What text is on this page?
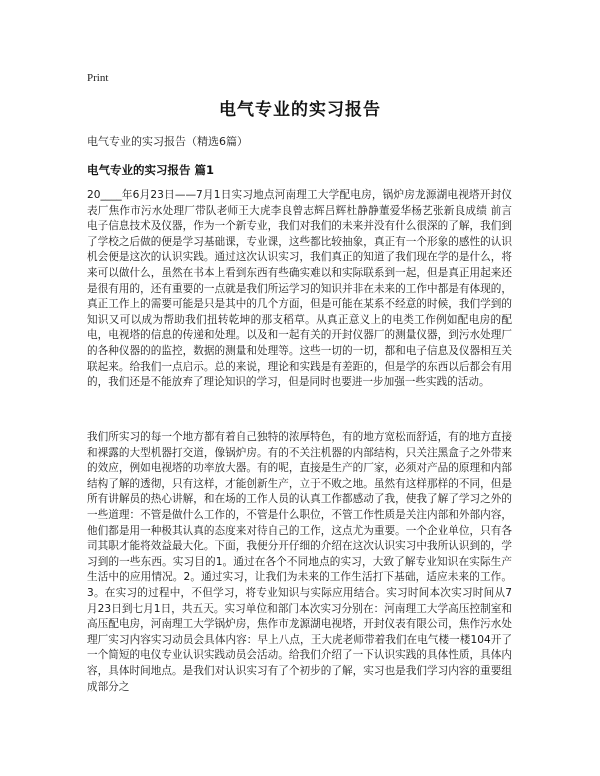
Print
电气专业的实习报告
电气专业的实习报告（精选6篇）
电气专业的实习报告 篇1
20____年6月23日——7月1日实习地点河南理工大学配电房，锅炉房龙源湖电视塔开封仪表厂焦作市污水处理厂带队老师王大虎李良曾志辉吕辉杜静静董爱华杨艺张新良成绩 前言电子信息技术及仪器，作为一个新专业，我们对我们的未来并没有什么很深的了解，我们到了学校之后做的便是学习基础课，专业课，这些都比较抽象，真正有一个形象的感性的认识机会便是这次的认识实践。通过这次认识实习，我们真正的知道了我们现在学的是什么，将来可以做什么，虽然在书本上看到东西有些确实难以和实际联系到一起，但是真正用起来还是很有用的，还有重要的一点就是我们所运学习的知识并非在未来的工作中都是有体现的，真正工作上的需要可能是只是其中的几个方面，但是可能在某系不经意的时候，我们学到的知识又可以成为帮助我们扭转乾坤的那支稻草。从真正意义上的电类工作例如配电房的配电，电视塔的信息的传递和处理。以及和一起有关的开封仪器厂的测量仪器，到污水处理厂的各种仪器的的监控，数据的测量和处理等。这些一切的一切，都和电子信息及仪器相互关联起来。给我们一点启示。总的来说，理论和实践是有差距的，但是学的东西以后都会有用的，我们还是不能放弃了理论知识的学习，但是同时也要进一步加强一些实践的活动。
我们所实习的每一个地方都有着自己独特的浓厚特色，有的地方宽松而舒适，有的地方直接和裸露的大型机器打交道，像锅炉房。有的不关注机器的内部结构，只关注黑盒子之外带来的效应，例如电视塔的功率放大器。有的呢，直接是生产的厂家，必须对产品的原理和内部结构了解的透彻，只有这样，才能创新生产，立于不败之地。虽然有这样那样的不同，但是所有讲解员的热心讲解，和在场的工作人员的认真工作都感动了我，使我了解了学习之外的一些道理：不管是做什么工作的，不管是什么职位，不管工作性质是关注内部和外部内容，他们都是用一种极其认真的态度来对待自己的工作，这点尤为重要。一个企业单位，只有各司其职才能将效益最大化。下面，我便分开仔细的介绍在这次认识实习中我所认识到的，学习到的一些东西。实习目的1。通过在各个不同地点的实习，大致了解专业知识在实际生产生活中的应用情况。2。通过实习，让我们为未来的工作生活打下基础，适应未来的工作。3。在实习的过程中，不但学习，将专业知识与实际应用结合。实习时间本次实习时间从7月23日到七月1日，共五天。实习单位和部门本次实习分别在：河南理工大学高压控制室和高压配电房，河南理工大学锅炉房，焦作市龙源湖电视塔，开封仪表有限公司，焦作污水处理厂实习内容实习动员会具体内容：早上八点，王大虎老师带着我们在电气楼一楼104开了一个简短的电仪专业认识实践动员会活动。给我们介绍了一下认识实践的具体性质，具体内容，具体时间地点。是我们对认识实习有了个初步的了解，实习也是我们学习内容的重要组成部分之
